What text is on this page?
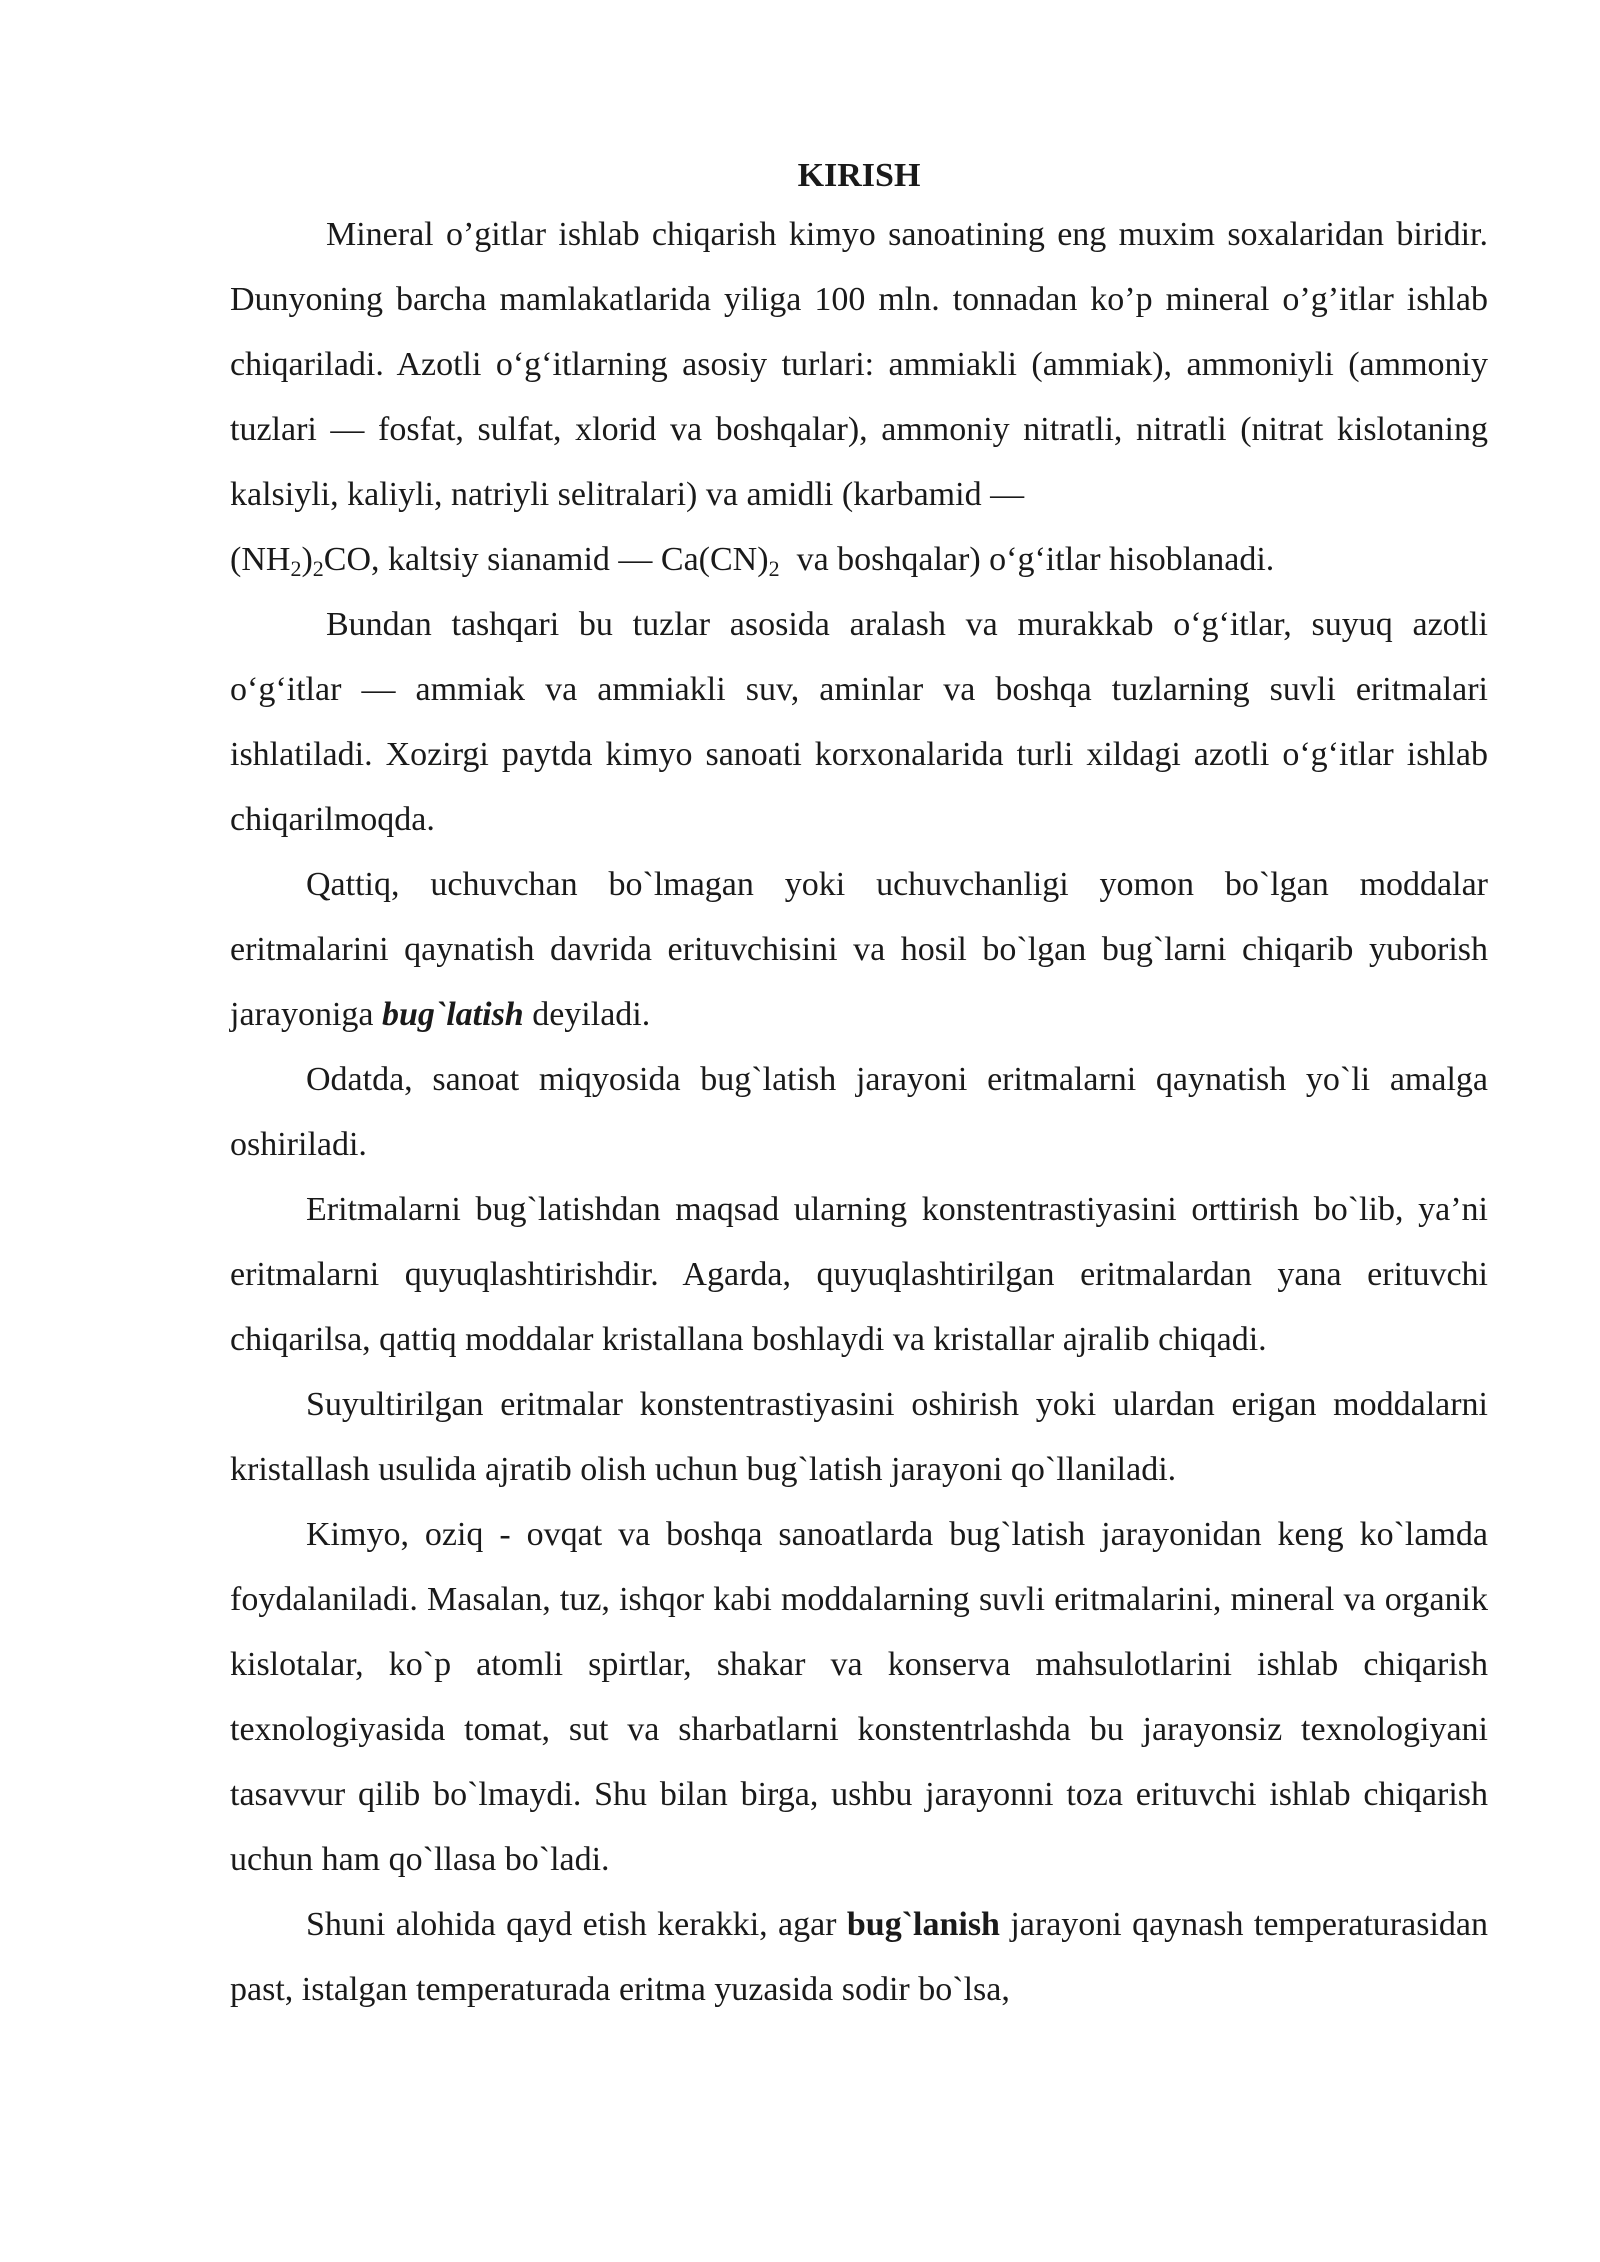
KIRISH

Mineral o’gitlar ishlab chiqarish kimyo sanoatining eng muxim soxalaridan biridir. Dunyoning barcha mamlakatlarida yiliga 100 mln. tonnadan ko’p mineral o’g’itlar ishlab chiqariladi. Azotli o‘g‘itlarning asosiy turlari: ammiakli (ammiak), ammoniyli (ammoniy tuzlari — fosfat, sulfat, xlorid va boshqalar), ammoniy nitratli, nitratli (nitrat kislotaning kalsiyli, kaliyli, natriyli selitralari) va amidli (karbamid —
$(NH_2)_2CO$, kaltsiy sianamid — $Ca(CN)_2$  va boshqalar) o‘g‘itlar hisoblanadi.

Bundan tashqari bu tuzlar asosida aralash va murakkab o‘g‘itlar, suyuq azotli o‘g‘itlar — ammiak va ammiakli suv, aminlar va boshqa tuzlarning suvli eritmalari ishlatiladi. Xozirgi paytda kimyo sanoati korxonalarida turli xildagi azotli o‘g‘itlar ishlab chiqarilmoqda.

Qattiq, uchuvchan bo`lmagan yoki uchuvchanligi yomon bo`lgan moddalar eritmalarini qaynatish davrida erituvchisini va hosil bo`lgan bug`larni chiqarib yuborish jarayoniga bug`latish deyiladi.

Odatda, sanoat miqyosida bug`latish jarayoni eritmalarni qaynatish yo`li amalga oshiriladi.

Eritmalarni bug`latishdan maqsad ularning konstentrastiyasini orttirish bo`lib, ya’ni eritmalarni quyuqlashtirishdir. Agarda, quyuqlashtirilgan eritmalardan yana erituvchi chiqarilsa, qattiq moddalar kristallana boshlaydi va kristallar ajralib chiqadi.

Suyultirilgan eritmalar konstentrastiyasini oshirish yoki ulardan erigan moddalarni kristallash usulida ajratib olish uchun bug`latish jarayoni qo`llaniladi.

Kimyo, oziq - ovqat va boshqa sanoatlarda bug`latish jarayonidan keng ko`lamda foydalaniladi. Masalan, tuz, ishqor kabi moddalarning suvli eritmalarini, mineral va organik kislotalar, ko`p atomli spirtlar, shakar va konserva mahsulotlarini ishlab chiqarish texnologiyasida tomat, sut va sharbatlarni konstentrlashda bu jarayonsiz texnologiyani tasavvur qilib bo`lmaydi. Shu bilan birga, ushbu jarayonni toza erituvchi ishlab chiqarish uchun ham qo`llasa bo`ladi.

Shuni alohida qayd etish kerakki, agar bug`lanish jarayoni qaynash temperaturasidan past, istalgan temperaturada eritma yuzasida sodir bo`lsa,
